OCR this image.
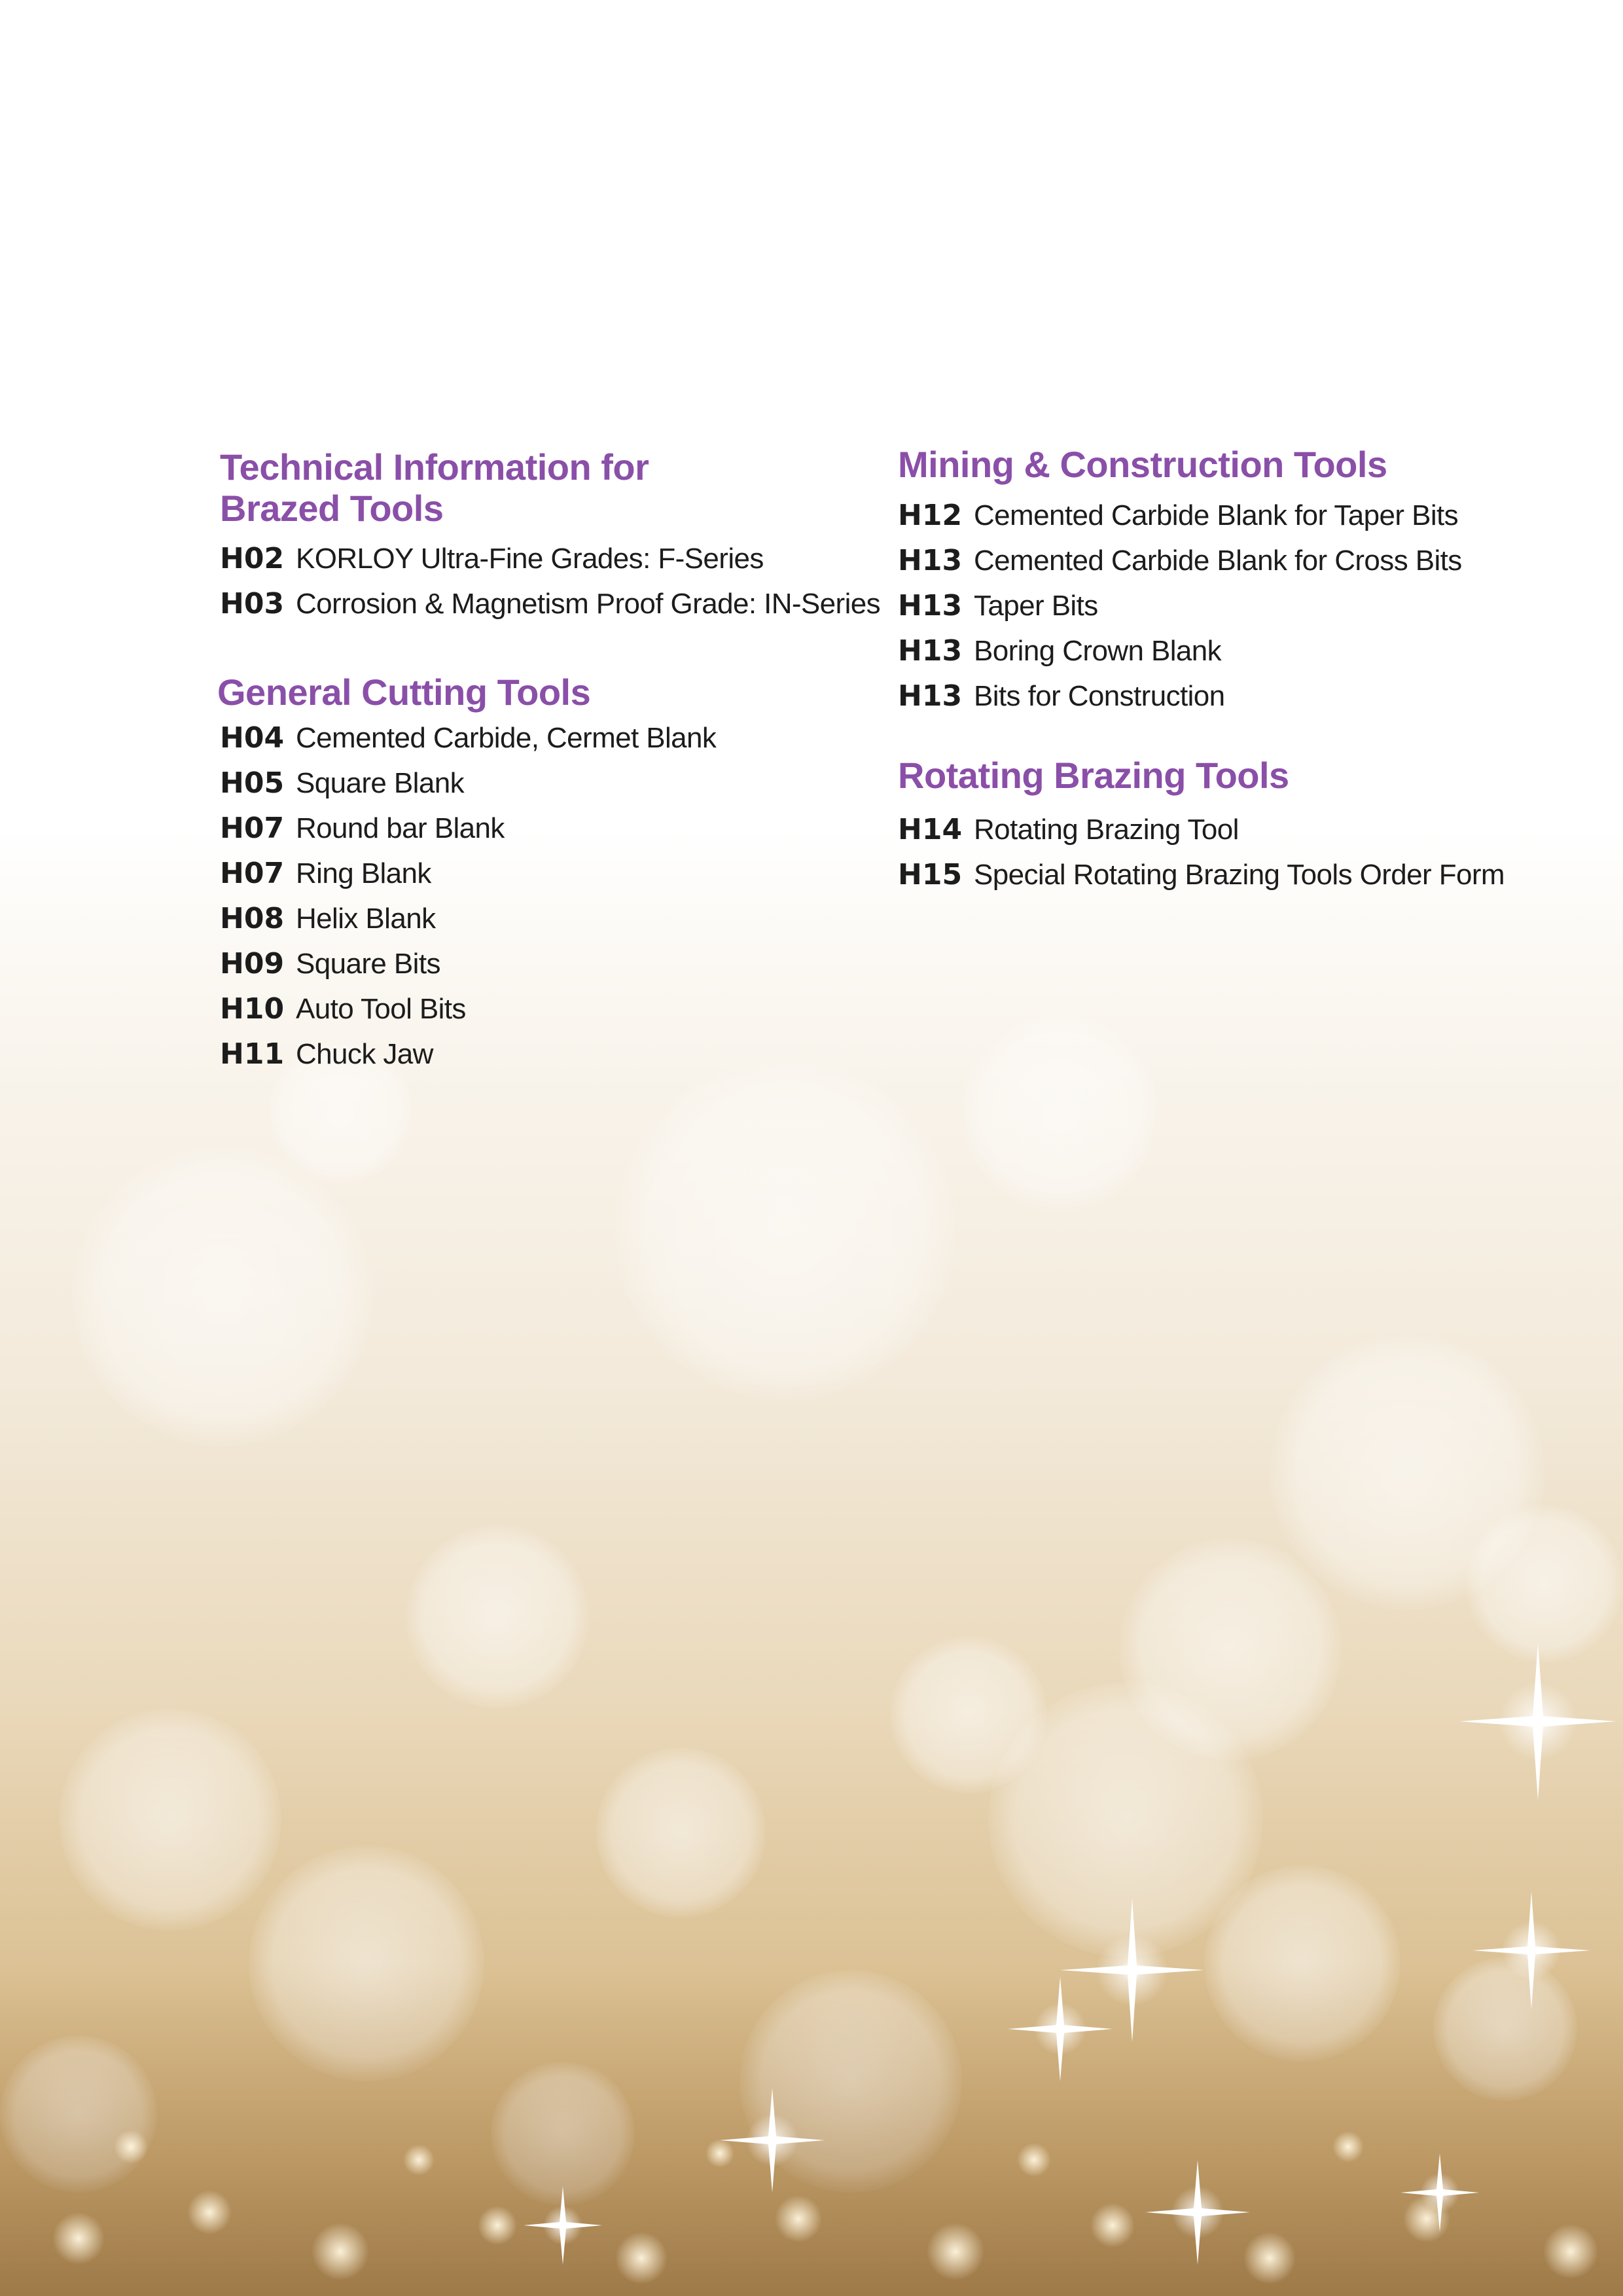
Technical Information for
Brazed Tools
H02 KORLOY Ultra-Fine Grades: F-Series
H03 Corrosion & Magnetism Proof Grade: IN-Series
General Cutting Tools
H04 Cemented Carbide, Cermet Blank
H05 Square Blank
H07 Round bar Blank
H07 Ring Blank
H08 Helix Blank
H09 Square Bits
H10 Auto Tool Bits
H11 Chuck Jaw
Mining & Construction Tools
H12 Cemented Carbide Blank for Taper Bits
H13 Cemented Carbide Blank for Cross Bits
H13 Taper Bits
H13 Boring Crown Blank
H13 Bits for Construction
Rotating Brazing Tools
H14 Rotating Brazing Tool
H15 Special Rotating Brazing Tools Order Form
